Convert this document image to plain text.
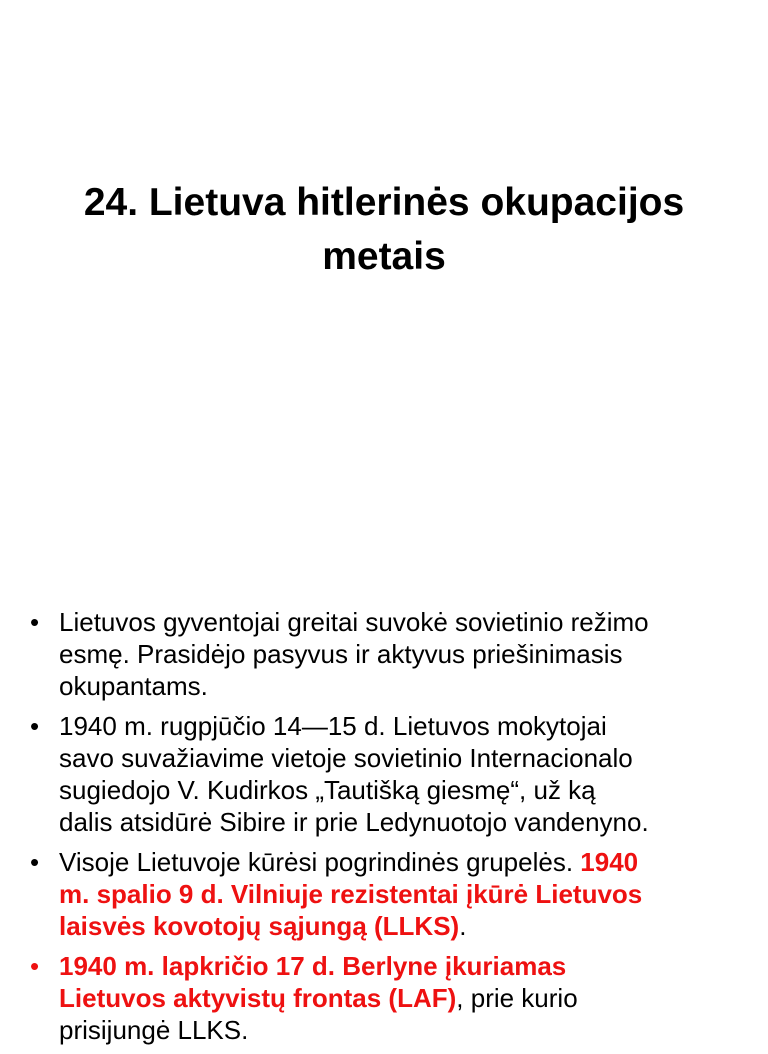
24. Lietuva hitlerinės okupacijos
metais
• Lietuvos gyventojai greitai suvokė sovietinio režimo
esmę. Prasidėjo pasyvus ir aktyvus priešinimasis
okupantams.
• 1940 m. rugpjūčio 14—15 d. Lietuvos mokytojai
savo suvažiavime vietoje sovietinio Internacionalo
sugiedojo V. Kudirkos „Tautišką giesmę“, už ką
dalis atsidūrė Sibire ir prie Ledynuotojo vandenyno.
• Visoje Lietuvoje kūrėsi pogrindinės grupelės. 1940
m. spalio 9 d. Vilniuje rezistentai įkūrė Lietuvos
laisvės kovotojų sąjungą (LLKS).
• 1940 m. lapkričio 17 d. Berlyne įkuriamas
Lietuvos aktyvistų frontas (LAF), prie kurio
prisijungė LLKS.
